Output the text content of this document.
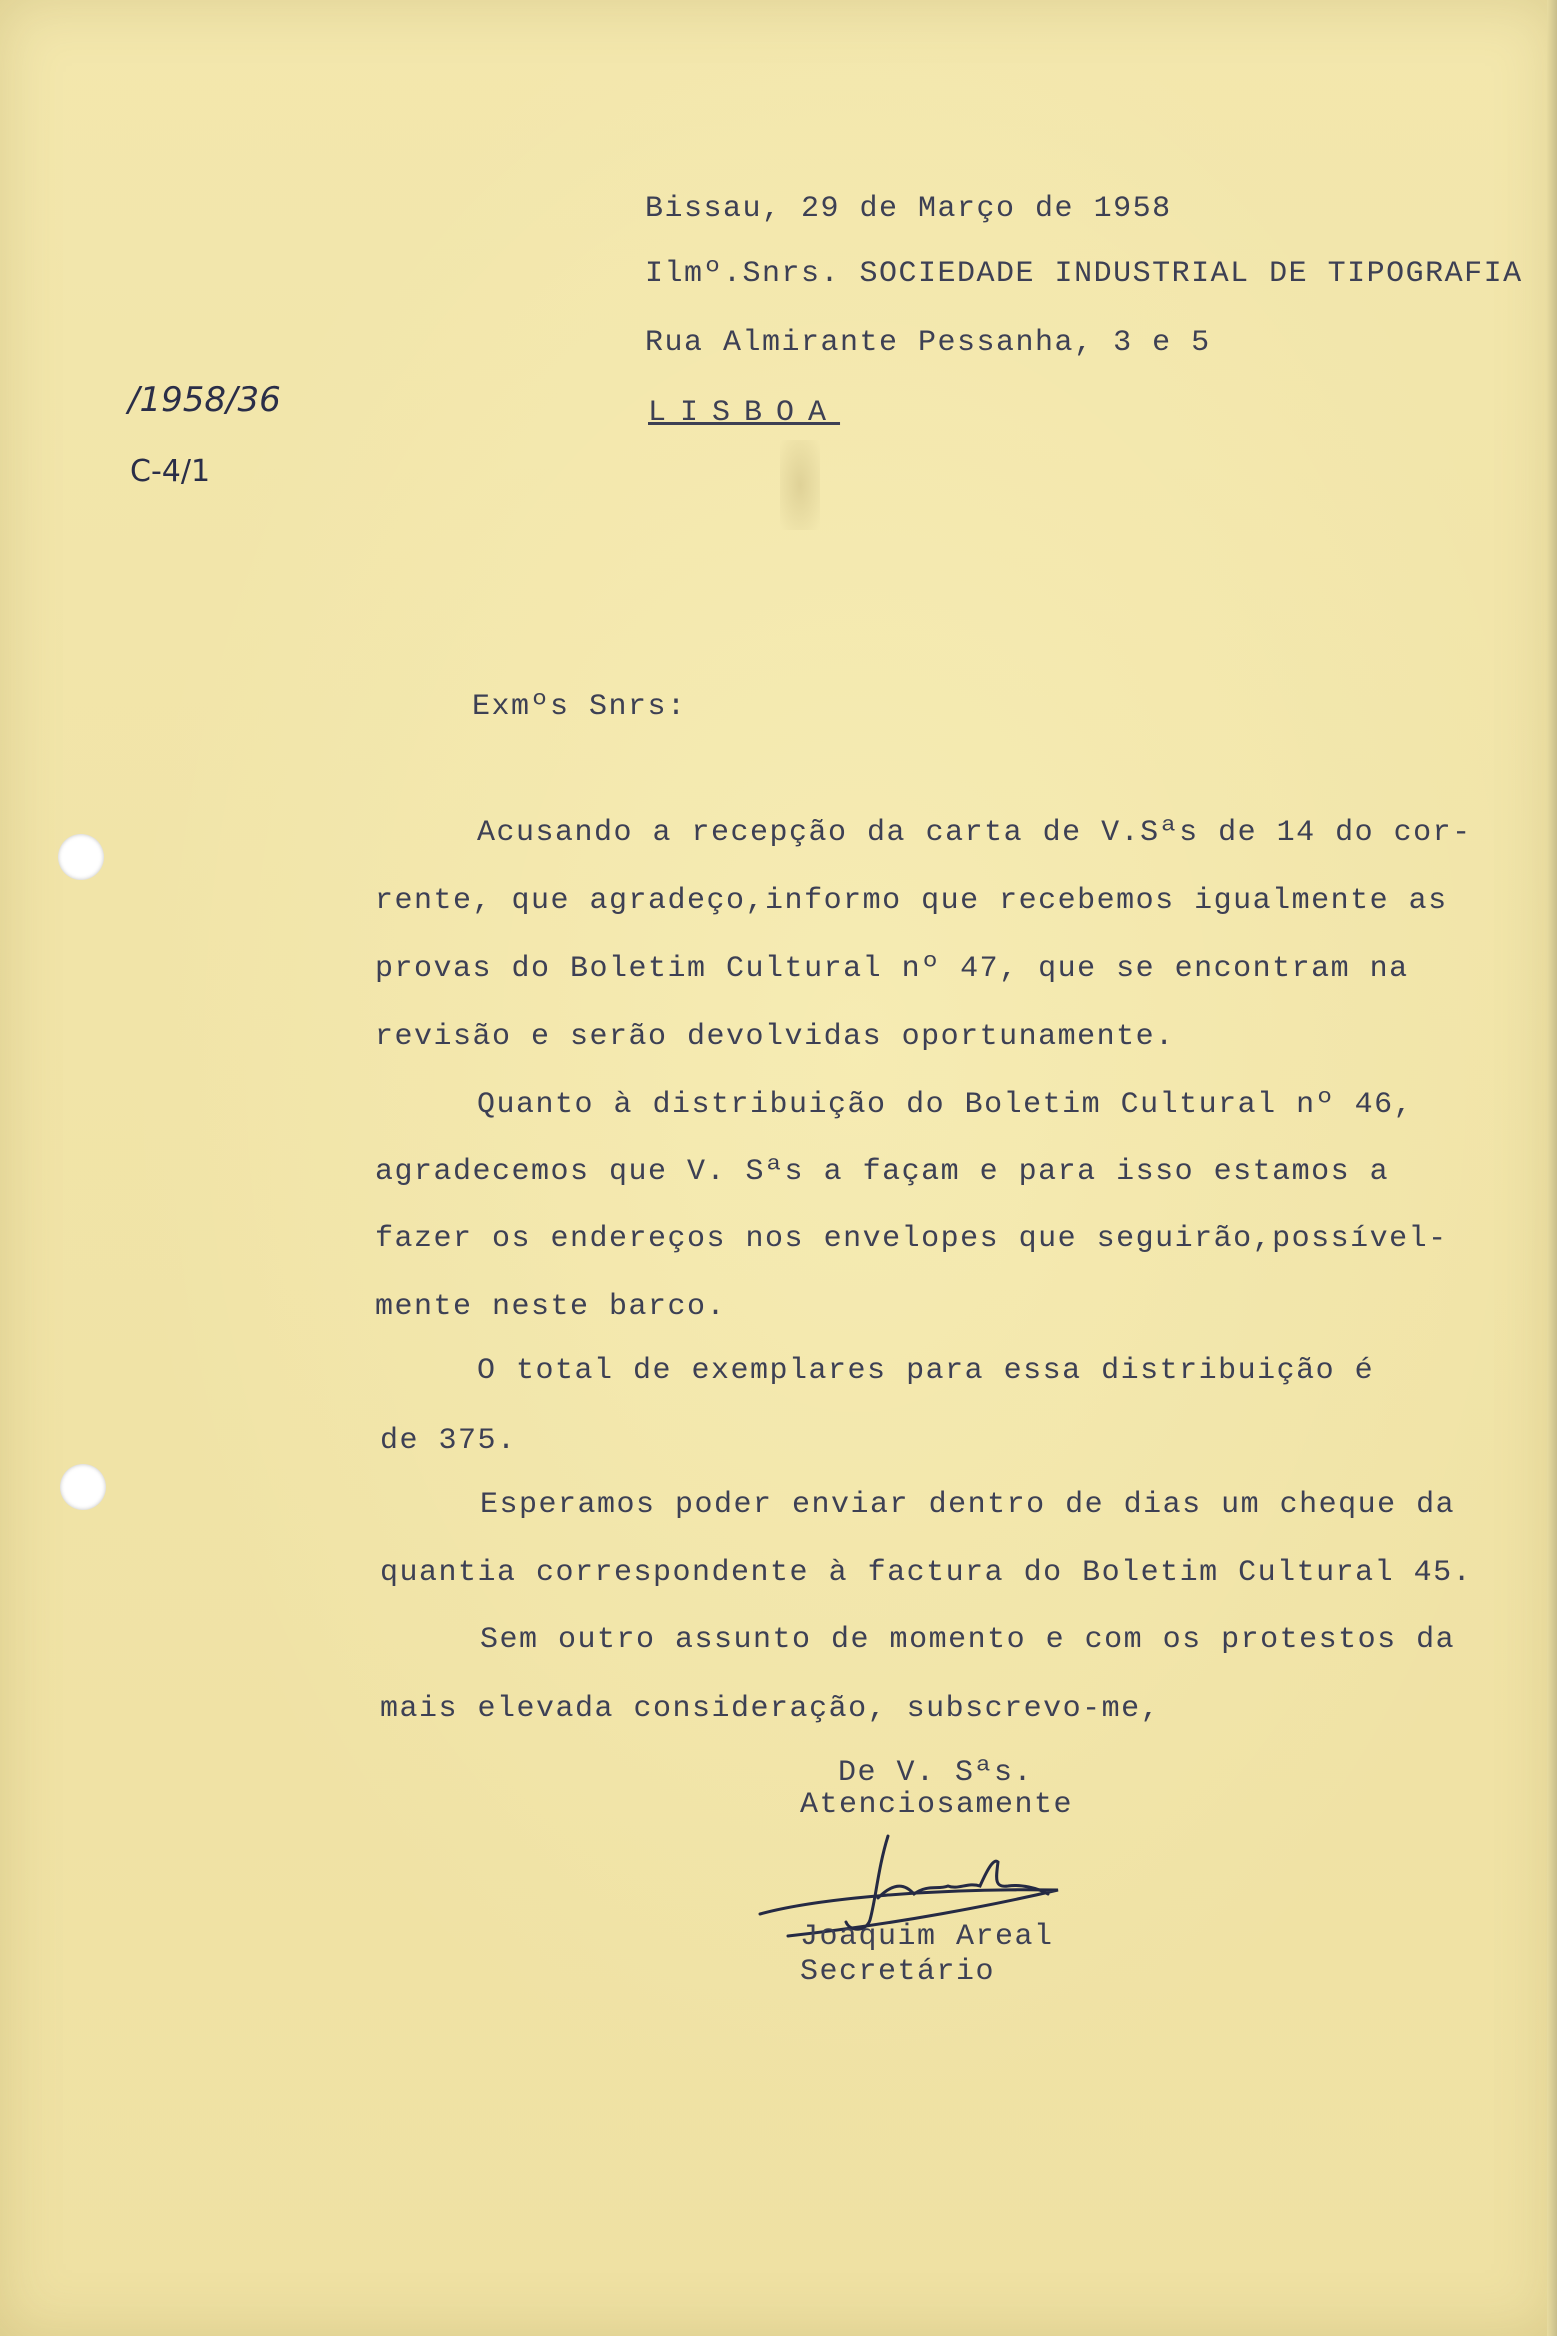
Bissau, 29 de Março de 1958

Ilmº.Snrs. SOCIEDADE INDUSTRIAL DE TIPOGRAFIA

Rua Almirante Pessanha, 3 e 5

LISBOA

/1958/36
C-4/1

Exmºs Snrs:

Acusando a recepção da carta de V.Sªs de 14 do cor-

rente, que agradeço,informo que recebemos igualmente as

provas do Boletim Cultural nº 47, que se encontram na

revisão e serão devolvidas oportunamente.

Quanto à distribuição do Boletim Cultural nº 46,

agradecemos que V. Sªs a façam e para isso estamos a

fazer os endereços nos envelopes que seguirão,possível-

mente neste barco.

O total de exemplares para essa distribuição é

de 375.

Esperamos poder enviar dentro de dias um cheque da

quantia correspondente à factura do Boletim Cultural 45.

Sem outro assunto de momento e com os protestos da

mais elevada consideração, subscrevo-me,

De V. Sªs.

Atenciosamente

Joaquim Areal

Secretário
